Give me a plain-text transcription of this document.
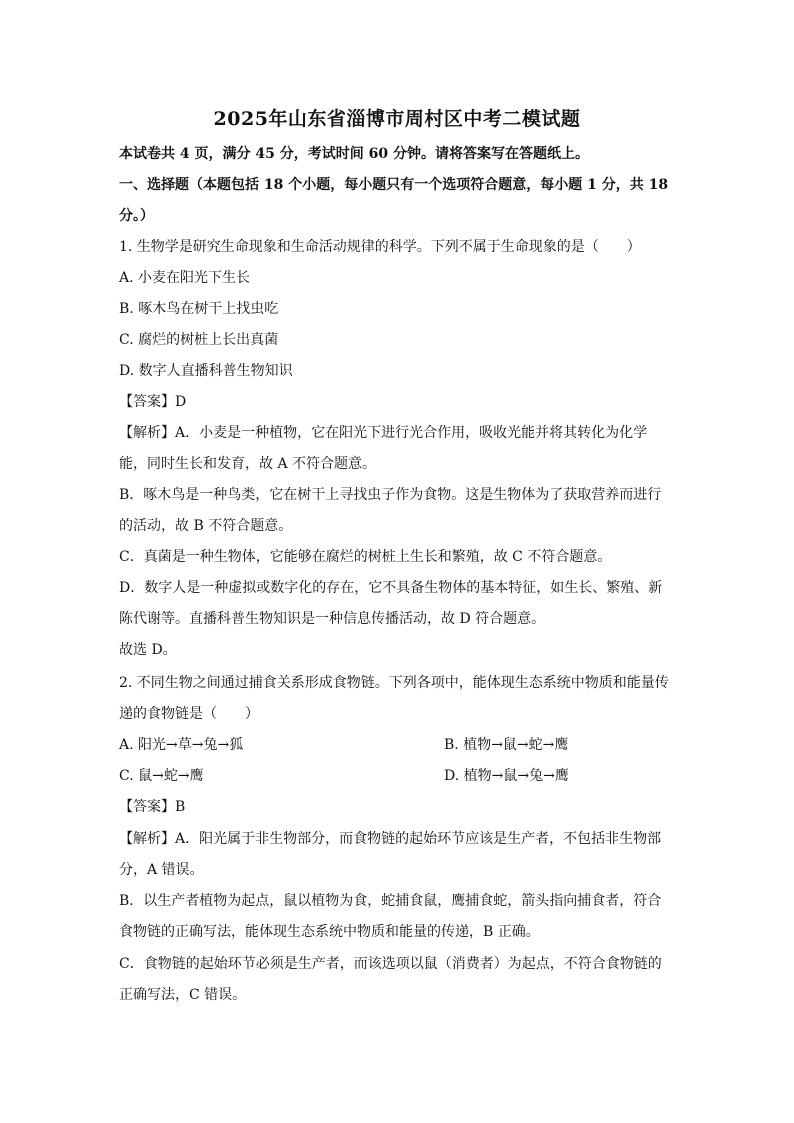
2025年山东省淄博市周村区中考二模试题
本试卷共 4 页，满分 45 分，考试时间 60 分钟。请将答案写在答题纸上。
一、选择题（本题包括 18 个小题，每小题只有一个选项符合题意，每小题 1 分，共 18
分。）
1. 生物学是研究生命现象和生命活动规律的科学。下列不属于生命现象的是（　　）
A. 小麦在阳光下生长
B. 啄木鸟在树干上找虫吃
C. 腐烂的树桩上长出真菌
D. 数字人直播科普生物知识
【答案】D
【解析】A．小麦是一种植物，它在阳光下进行光合作用，吸收光能并将其转化为化学
能，同时生长和发育，故 A 不符合题意。
B．啄木鸟是一种鸟类，它在树干上寻找虫子作为食物。这是生物体为了获取营养而进行
的活动，故 B 不符合题意。
C．真菌是一种生物体，它能够在腐烂的树桩上生长和繁殖，故 C 不符合题意。
D．数字人是一种虚拟或数字化的存在，它不具备生物体的基本特征，如生长、繁殖、新
陈代谢等。直播科普生物知识是一种信息传播活动，故 D 符合题意。
故选 D。
2. 不同生物之间通过捕食关系形成食物链。下列各项中，能体现生态系统中物质和能量传
递的食物链是（　　）
A. 阳光→草→兔→狐	B. 植物→鼠→蛇→鹰
C. 鼠→蛇→鹰	D. 植物→鼠→兔→鹰
【答案】B
【解析】A．阳光属于非生物部分，而食物链的起始环节应该是生产者，不包括非生物部
分，A 错误。
B．以生产者植物为起点，鼠以植物为食，蛇捕食鼠，鹰捕食蛇，箭头指向捕食者，符合
食物链的正确写法，能体现生态系统中物质和能量的传递，B 正确。
C．食物链的起始环节必须是生产者，而该选项以鼠（消费者）为起点，不符合食物链的
正确写法，C 错误。
